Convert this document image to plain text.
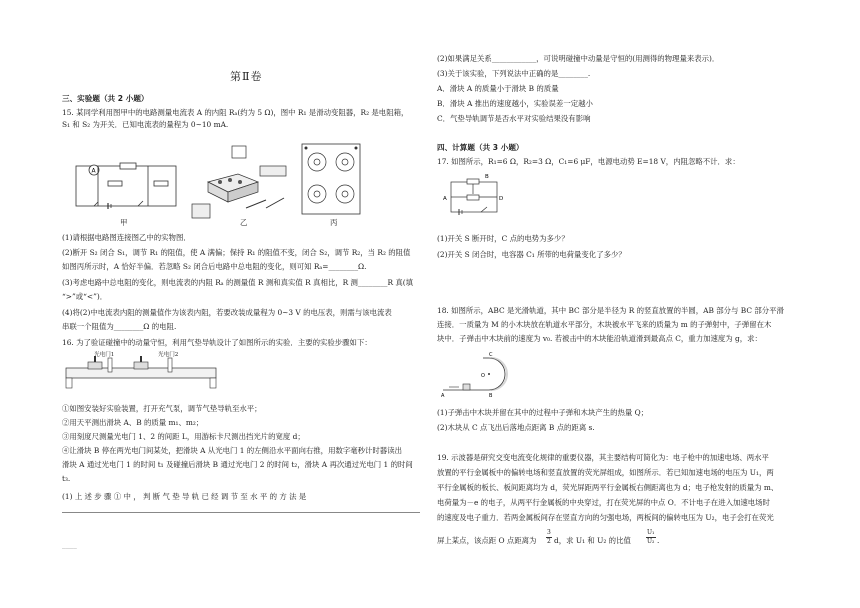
第Ⅱ卷
三、实验题（共 2 小题）
15. 某同学利用图甲中的电路测量电流表 A 的内阻 Rₐ(约为 5 Ω)，图中 R₁ 是滑动变阻器，R₂ 是电阻箱，
S₁ 和 S₂ 为开关．已知电流表的量程为 0~10 mA.
A
甲	乙	丙
(1)请根据电路图连接图乙中的实物图．
(2)断开 S₂ 闭合 S₁，调节 R₁ 的阻值，使 A 满偏；保持 R₁ 的阻值不变，闭合 S₂，调节 R₂，当 R₂ 的阻值
如图丙所示时，A 恰好半偏．若忽略 S₂ 闭合后电路中总电阻的变化，则可知 Rₐ=________Ω.
(3)考虑电路中总电阻的变化，则电流表的内阻 Rₐ 的测量值 R 测和真实值 R 真相比，R 测________R 真(填
“>”或“<”)．
(4)将(2)中电流表内阻的测量值作为该表内阻，若要改装成量程为 0~3 V 的电压表，则需与该电流表
串联一个阻值为________Ω 的电阻.
16. 为了验证碰撞中的动量守恒，利用气垫导轨设计了如图所示的实验．主要的实验步骤如下：
光电门1	光电门2
①如图安装好实验装置，打开充气泵，调节气垫导轨至水平；
②用天平测出滑块 A、B 的质量 m₁、m₂；
③用刻度尺测量光电门 1、2 的间距 L，用游标卡尺测出挡光片的宽度 d；
④让滑块 B 停在两光电门间某处，把滑块 A 从光电门 1 的左侧沿水平面向右推，用数字毫秒计时器读出
滑块 A 通过光电门 1 的时间 t₁ 及碰撞后滑块 B 通过光电门 2 的时间 t₂，滑块 A 再次通过光电门 1 的时间
t₃.
(1) 上 述 步 骤 ① 中 ， 判 断 气 垫 导 轨 已 经 调 节 至 水 平 的 方 法 是
____
(2)如果满足关系____________，可说明碰撞中动量是守恒的(用测得的物理量来表示)．
(3)关于该实验，下列说法中正确的是________.
A．滑块 A 的质量小于滑块 B 的质量
B．滑块 A 推出的速度越小，实验误差一定越小
C．气垫导轨调节是否水平对实验结果没有影响
四、计算题（共 3 小题）
17. 如图所示，R₁=6 Ω，R₂=3 Ω，C₁=6 μF，电源电动势 E=18 V，内阻忽略不计．求：
A	D
B
(1)开关 S 断开时，C 点的电势为多少？
(2)开关 S 闭合时，电容器 C₁ 所带的电荷量变化了多少？
18. 如图所示，ABC 是光滑轨道，其中 BC 部分是半径为 R 的竖直放置的半圆，AB 部分与 BC 部分平滑
连接．一质量为 M 的小木块放在轨道水平部分，木块被水平飞来的质量为 m 的子弹射中，子弹留在木
块中．子弹击中木块前的速度为 v₀. 若被击中的木块能沿轨道滑到最高点 C，重力加速度为 g，求：
O
C
B
A
(1)子弹击中木块并留在其中的过程中子弹和木块产生的热量 Q；
(2)木块从 C 点飞出后落地点距离 B 点的距离 s.
19. 示波器是研究交变电流变化规律的重要仪器，其主要结构可简化为：电子枪中的加速电场、两水平
放置的平行金属板中的偏转电场和竖直放置的荧光屏组成，如图所示．若已知加速电场的电压为 U₁，两
平行金属板的板长、板间距离均为 d，荧光屏距两平行金属板右侧距离也为 d；电子枪发射的质量为 m、
电荷量为－e 的电子，从两平行金属板的中央穿过，打在荧光屏的中点 O．不计电子在进入加速电场时
的速度及电子重力．若两金属板间存在竖直方向的匀强电场，两板间的偏转电压为 U₂，电子会打在荧光
屏上某点，该点距 O 点距离为
3
2 d，求 U₁ 和 U₂ 的比值
U₁
U₂ .
